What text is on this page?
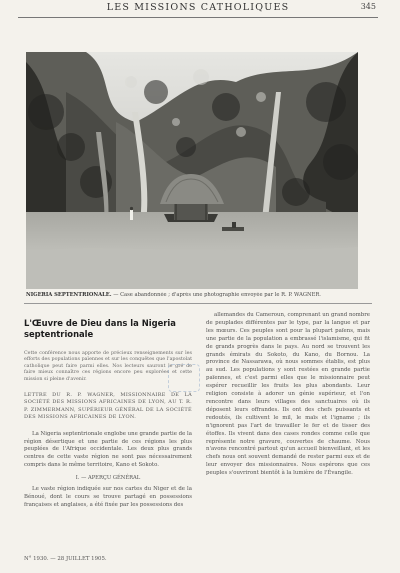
LES MISSIONS CATHOLIQUES	345
NIGERIA SEPTENTRIONALE. — Case abandonnée ; d'après une photographie envoyée par le R. P. WAGNER.
L'Œuvre de Dieu dans la Nigeria septentrionale
Cette conférence nous apporte de précieux renseignements sur les efforts des populations païennes et sur les conquêtes que l'apostolat catholique peut faire parmi elles. Nos lecteurs sauront le gré de faire mieux connaître ces régions encore peu explorées et cette mission si pleine d'avenir.
LETTRE DU R. P. WAGNER, MISSIONNAIRE DE LA SOCIÉTÉ DES MISSIONS AFRICAINES DE LYON, AU T. R. P. ZIMMERMANN, SUPÉRIEUR GÉNÉRAL DE LA SOCIÉTÉ DES MISSIONS AFRICAINES DE LYON.

La Nigeria septentrionale englobe une grande partie de la région désertique et une partie de ces régions les plus peuplées de l'Afrique occidentale. Les deux plus grands centres de cette vaste région ne sont pas nécessairement compris dans le même territoire, Kano et Sokoto.

I. — APERÇU GÉNÉRAL

Le vaste région indiquée sur nos cartes du Niger et de la Bénoué, dont le cours se trouve partagé en possessions françaises et anglaises, a été fixée par les possessions des

allemandes du Cameroun, comprenant un grand nombre de peuplades différentes par le type, par la langue et par les mœurs. Ces peuples sont pour la plupart païens, mais une partie de la population a embrassé l'islamisme, qui fit de grands progrès dans le pays. Au nord se trouvent les grands émirats du Sokoto, du Kano, du Bornou. La province de Nassarawa, où nous sommes établis, est plus au sud. Les populations y sont restées en grande partie païennes, et c'est parmi elles que le missionnaire peut espérer recueillir les fruits les plus abondants. Leur religion consiste à adorer un génie supérieur, et l'on rencontre dans leurs villages des sanctuaires où ils déposent leurs offrandes. Ils ont des chefs puissants et redoutés, ils cultivent le mil, le maïs et l'igname ; ils n'ignorent pas l'art de travailler le fer et de tisser des étoffes. Ils vivent dans des cases rondes comme celle que représente notre gravure, couvertes de chaume. Nous n'avons rencontré partout qu'un accueil bienveillant, et les chefs nous ont souvent demandé de rester parmi eux et de leur envoyer des missionnaires. Nous espérons que ces peuples s'ouvriront bientôt à la lumière de l'Évangile.

N° 1930. — 28 JUILLET 1905.
